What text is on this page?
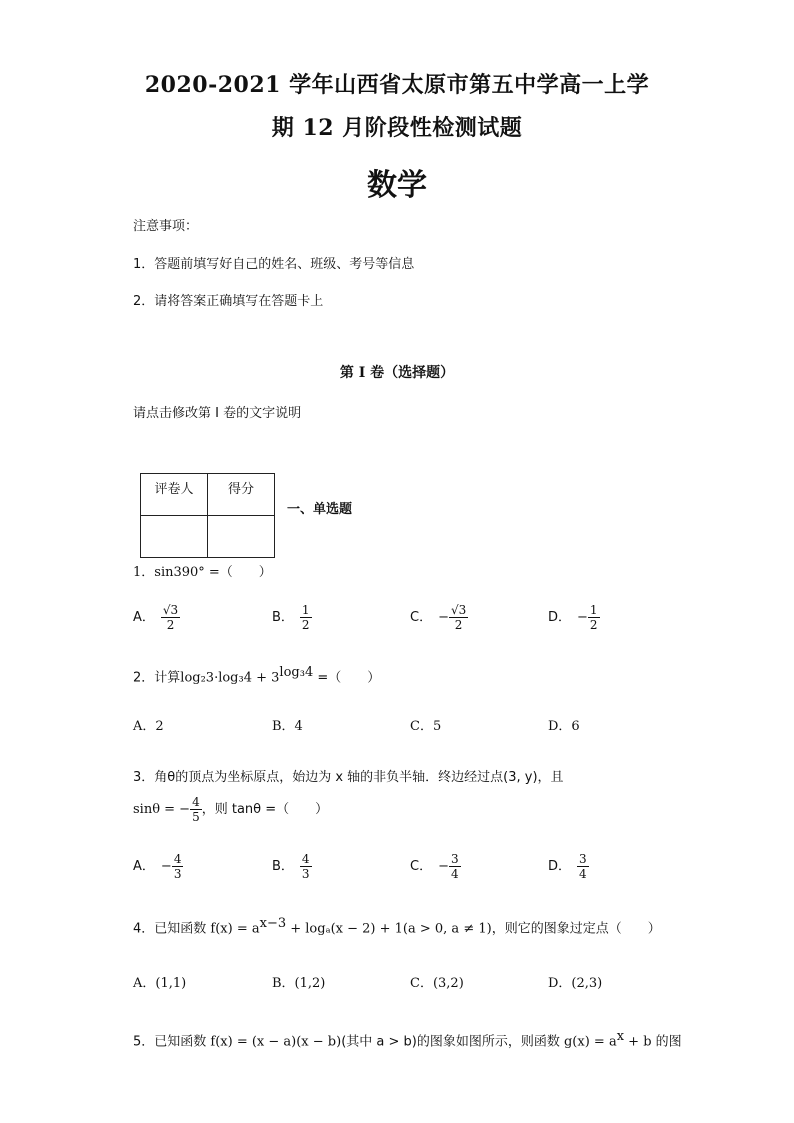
2020-2021 学年山西省太原市第五中学高一上学
期 12 月阶段性检测试题
数学
注意事项：
1．答题前填写好自己的姓名、班级、考号等信息
2．请将答案正确填写在答题卡上
第 I 卷（选择题）
请点击修改第 I 卷的文字说明
评卷人	得分

一、单选题
1．sin390° =（　　）
A． $\frac{√3}{2}$	B． $\frac{1}{2}$	C． − $\frac{√3}{2}$	D． − $\frac{1}{2}$
2．计算$\log_23\cdot\log_34 + 3^{log_34}$ =（　　）
A．2	B．4	C．5	D．6
3．角θ的顶点为坐标原点，始边为 x 轴的非负半轴．终边经过点(3, y)，且
sinθ = − $\frac{4}{5}$ ，则 tanθ =（　　）
A． − $\frac{4}{3}$	B． $\frac{4}{3}$	C． − $\frac{3}{4}$	D． $\frac{3}{4}$
4．已知函数 $f(x) = a^{x-3} + \log_a(x - 2) + 1(a > 0$, a ≠ 1)，则它的图象过定点（　　）
A．(1,1)	B．(1,2)	C．(3,2)	D．(2,3)
5．已知函数 f(x) = (x − a)(x − b)(其中 a > b)的图象如图所示，则函数 $g(x) = a^x + b$ 的图
